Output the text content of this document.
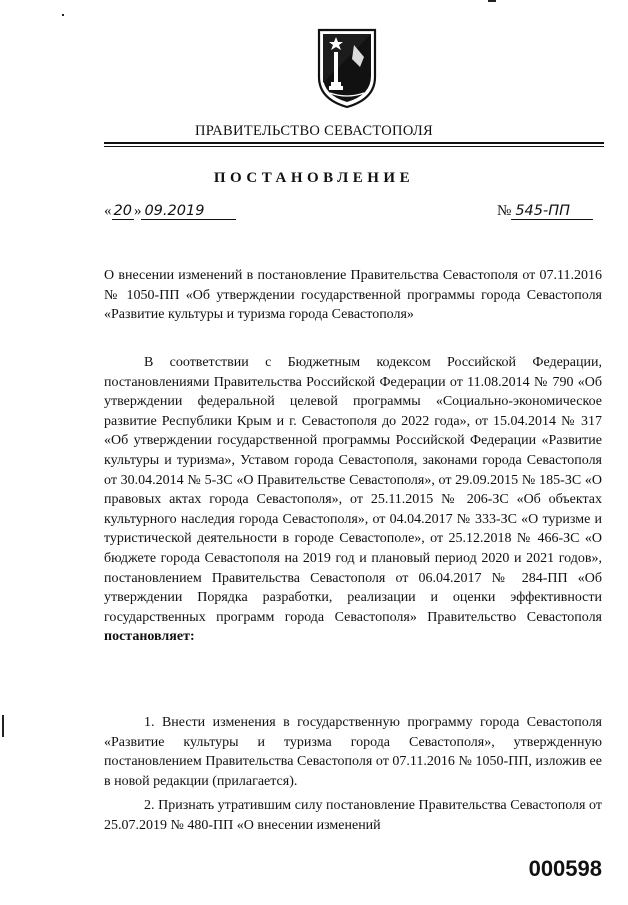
ПРАВИТЕЛЬСТВО СЕВАСТОПОЛЯ
ПОСТАНОВЛЕНИЕ
« 20 » 09.2019	№ 545-ПП

О внесении изменений в постановление Правительства Севастополя от 07.11.2016 № 1050-ПП «Об утверждении государственной программы города Севастополя «Развитие культуры и туризма города Севастополя»

В соответствии с Бюджетным кодексом Российской Федерации, постановлениями Правительства Российской Федерации от 11.08.2014 № 790 «Об утверждении федеральной целевой программы «Социально-экономическое развитие Республики Крым и г. Севастополя до 2022 года», от 15.04.2014 № 317 «Об утверждении государственной программы Российской Федерации «Развитие культуры и туризма», Уставом города Севастополя, законами города Севастополя от 30.04.2014 № 5-ЗС «О Правительстве Севастополя», от 29.09.2015 № 185-ЗС «О правовых актах города Севастополя», от 25.11.2015 № 206-ЗС «Об объектах культурного наследия города Севастополя», от 04.04.2017 № 333-ЗС «О туризме и туристической деятельности в городе Севастополе», от 25.12.2018 № 466-ЗС «О бюджете города Севастополя на 2019 год и плановый период 2020 и 2021 годов», постановлением Правительства Севастополя от 06.04.2017 № 284-ПП «Об утверждении Порядка разработки, реализации и оценки эффективности государственных программ города Севастополя» Правительство Севастополя постановляет:

1. Внести изменения в государственную программу города Севастополя «Развитие культуры и туризма города Севастополя», утвержденную постановлением Правительства Севастополя от 07.11.2016 № 1050-ПП, изложив ее в новой редакции (прилагается).

2. Признать утратившим силу постановление Правительства Севастополя от 25.07.2019 № 480-ПП «О внесении изменений

000598
